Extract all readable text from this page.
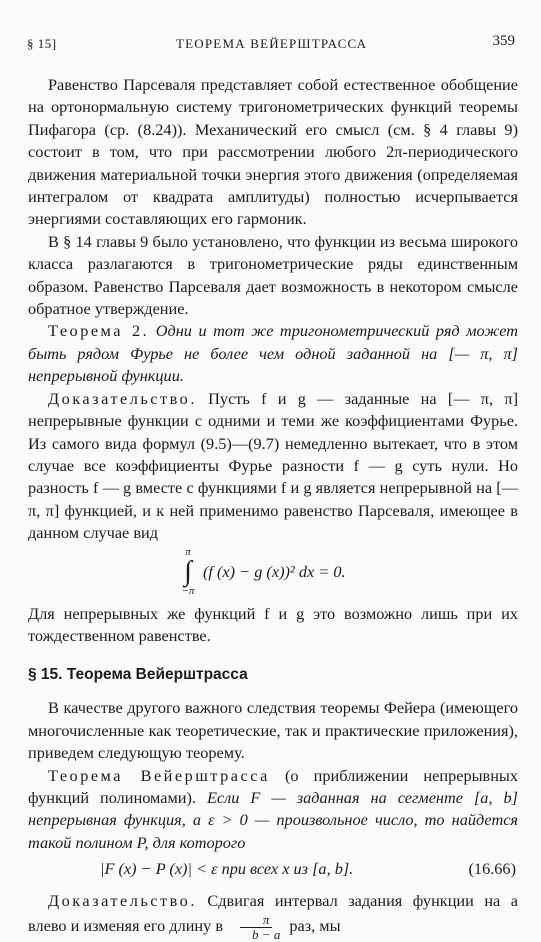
§ 15]	ТЕОРЕМА ВЕЙЕРШТРАССА	359

Равенство Парсеваля представляет собой естественное обобщение на ортонормальную систему тригонометрических функций теоремы Пифагора (ср. (8.24)). Механический его смысл (см. § 4 главы 9) состоит в том, что при рассмотрении любого 2π-периодического движения материальной точки энергия этого движения (определяемая интегралом от квадрата амплитуды) полностью исчерпывается энергиями составляющих его гармоник.

В § 14 главы 9 было установлено, что функции из весьма широкого класса разлагаются в тригонометрические ряды единственным образом. Равенство Парсеваля дает возможность в некотором смысле обратное утверждение.

Теорема 2. Одни и тот же тригонометрический ряд может быть рядом Фурье не более чем одной заданной на [— π, π] непрерывной функции.

Доказательство. Пусть f и g — заданные на [— π, π] непрерывные функции с одними и теми же коэффициентами Фурье. Из самого вида формул (9.5)—(9.7) немедленно вытекает, что в этом случае все коэффициенты Фурье разности f — g суть нули. Но разность f — g вместе с функциями f и g является непрерывной на [— π, π] функцией, и к ней применимо равенство Парсеваля, имеющее в данном случае вид

π
∫
−π
(f (x) − g (x))² dx = 0.

Для непрерывных же функций f и g это возможно лишь при их тождественном равенстве.

§ 15. Теорема Вейерштрасса

В качестве другого важного следствия теоремы Фейера (имеющего многочисленные как теоретические, так и практические приложения), приведем следующую теорему.

Теорема Вейерштрасса (о приближении непрерывных функций полиномами). Если F — заданная на сегменте [a, b] непрерывная функция, а ε > 0 — произвольное число, то найдется такой полином P, для которого

|F (x) − P (x)| < ε при всех x из [a, b].	(16.66)

Доказательство. Сдвигая интервал задания функции на a влево и изменяя его длину в $\frac{\pi}{b - a}$ раз, мы
